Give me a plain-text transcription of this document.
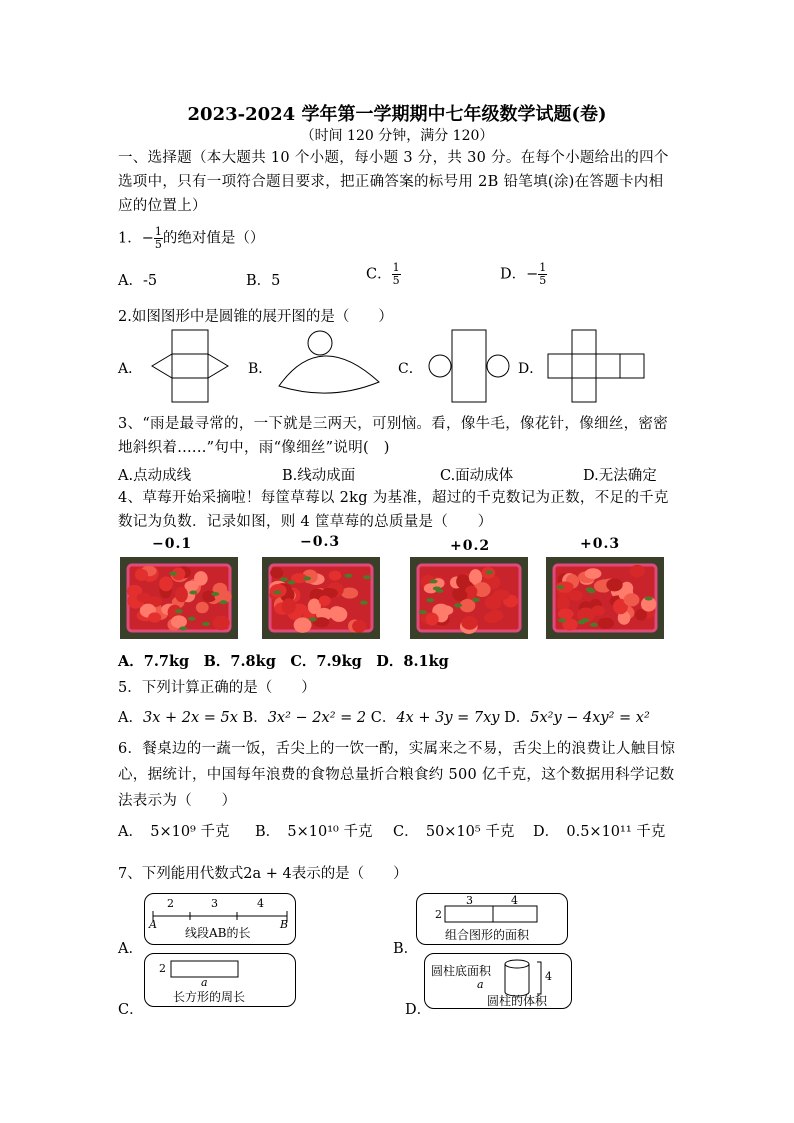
2023-2024 学年第一学期期中七年级数学试题(卷)
（时间 120 分钟，满分 120）
一、选择题（本大题共 10 个小题，每小题 3 分，共 30 分。在每个小题给出的四个选项中，只有一项符合题目要求，把正确答案的标号用 2B 铅笔填(涂)在答题卡内相应的位置上）
1．− $\frac{1}{5}$ 的绝对值是（）
A．-5	B．5	C． $\frac{1}{5}$	D．− $\frac{1}{5}$
2.如图图形中是圆锥的展开图的是（　　）
A．	B．	C．	D．
3、“雨是最寻常的，一下就是三两天，可别恼。看，像牛毛，像花针，像细丝，密密地斜织着......”句中，雨“像细丝”说明(　)
A.点动成线	B.线动成面	C.面动成体	D.无法确定
4、草莓开始采摘啦！每筐草莓以 2kg 为基准，超过的千克数记为正数，不足的千克数记为负数．记录如图，则 4 筐草莓的总质量是（　　）
−0.1	−0.3	+0.2	+0.3
A．7.7kg　B．7.8kg　C．7.9kg　D．8.1kg
5．下列计算正确的是（　　）
A．3x + 2x = 5x B．3x² − 2x² = 2 C．4x + 3y = 7xy D．5x²y − 4xy² = x²
6．餐桌边的一蔬一饭，舌尖上的一饮一酌，实属来之不易，舌尖上的浪费让人触目惊心，据统计，中国每年浪费的食物总量折合粮食约 500 亿千克，这个数据用科学记数法表示为（　　）
A．　5×10⁹ 千克 B．　5×10¹⁰ 千克 C．　50×10⁵ 千克 D．　0.5×10¹¹ 千克
7、下列能用代数式2a + 4表示的是（　　）
A．
2	3	4
A	B
线段AB的长
B．
2
3	4
组合图形的面积
C．
2
a
长方形的周长
D．
圆柱底面积
a
4
圆柱的体积
